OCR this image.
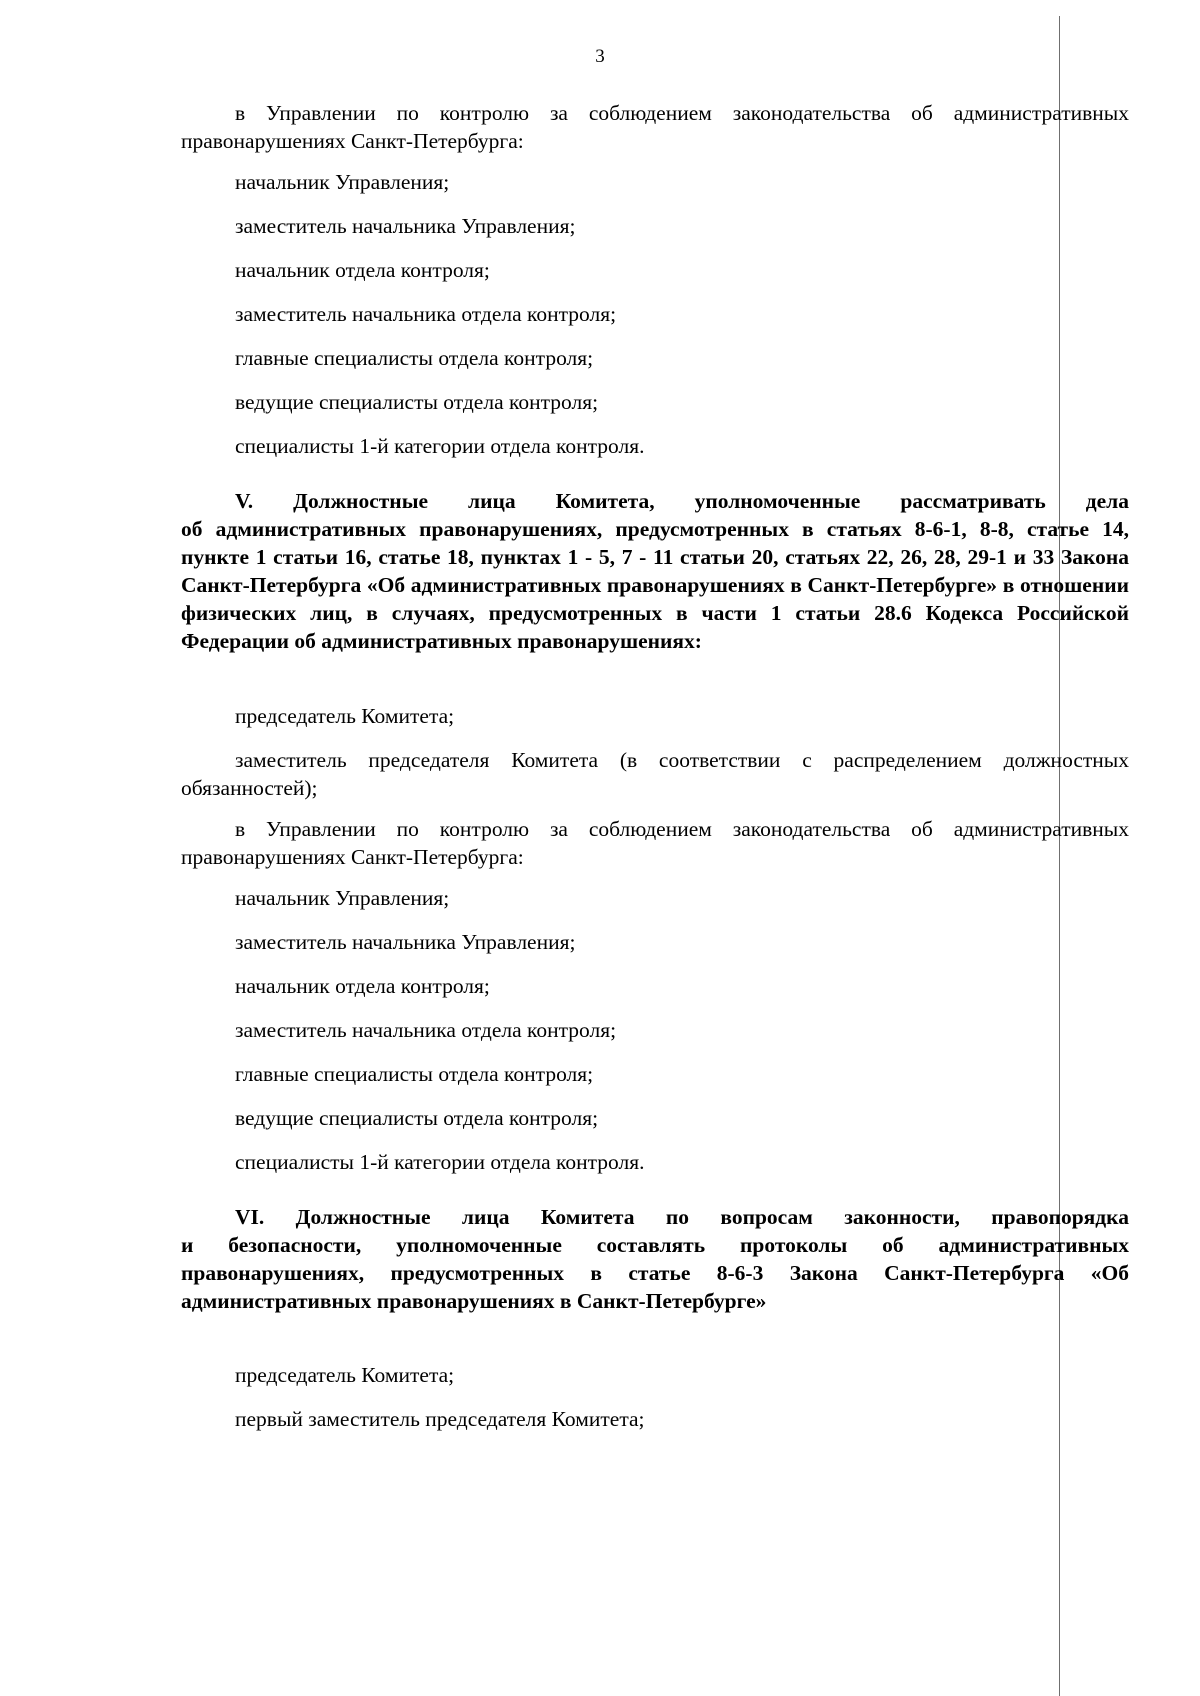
3
в Управлении по контролю за соблюдением законодательства об административных
правонарушениях Санкт-Петербурга:
начальник Управления;
заместитель начальника Управления;
начальник отдела контроля;
заместитель начальника отдела контроля;
главные специалисты отдела контроля;
ведущие специалисты отдела контроля;
специалисты 1-й категории отдела контроля.
V. Должностные лица Комитета, уполномоченные рассматривать дела
об административных правонарушениях, предусмотренных в статьях 8-6-1, 8-8, статье 14, пункте 1 статьи 16, статье 18, пунктах 1 - 5, 7 - 11 статьи 20, статьях 22, 26, 28, 29-1 и 33 Закона Санкт-Петербурга «Об административных правонарушениях в Санкт-Петербурге» в отношении физических лиц, в случаях, предусмотренных в части 1 статьи 28.6 Кодекса Российской Федерации об административных правонарушениях:
председатель Комитета;
заместитель председателя Комитета (в соответствии с распределением должностных
обязанностей);
в Управлении по контролю за соблюдением законодательства об административных
правонарушениях Санкт-Петербурга:
начальник Управления;
заместитель начальника Управления;
начальник отдела контроля;
заместитель начальника отдела контроля;
главные специалисты отдела контроля;
ведущие специалисты отдела контроля;
специалисты 1-й категории отдела контроля.
VI. Должностные лица Комитета по вопросам законности, правопорядка
и безопасности, уполномоченные составлять протоколы об административных правонарушениях, предусмотренных в статье 8-6-3 Закона Санкт-Петербурга «Об административных правонарушениях в Санкт-Петербурге»
председатель Комитета;
первый заместитель председателя Комитета;
